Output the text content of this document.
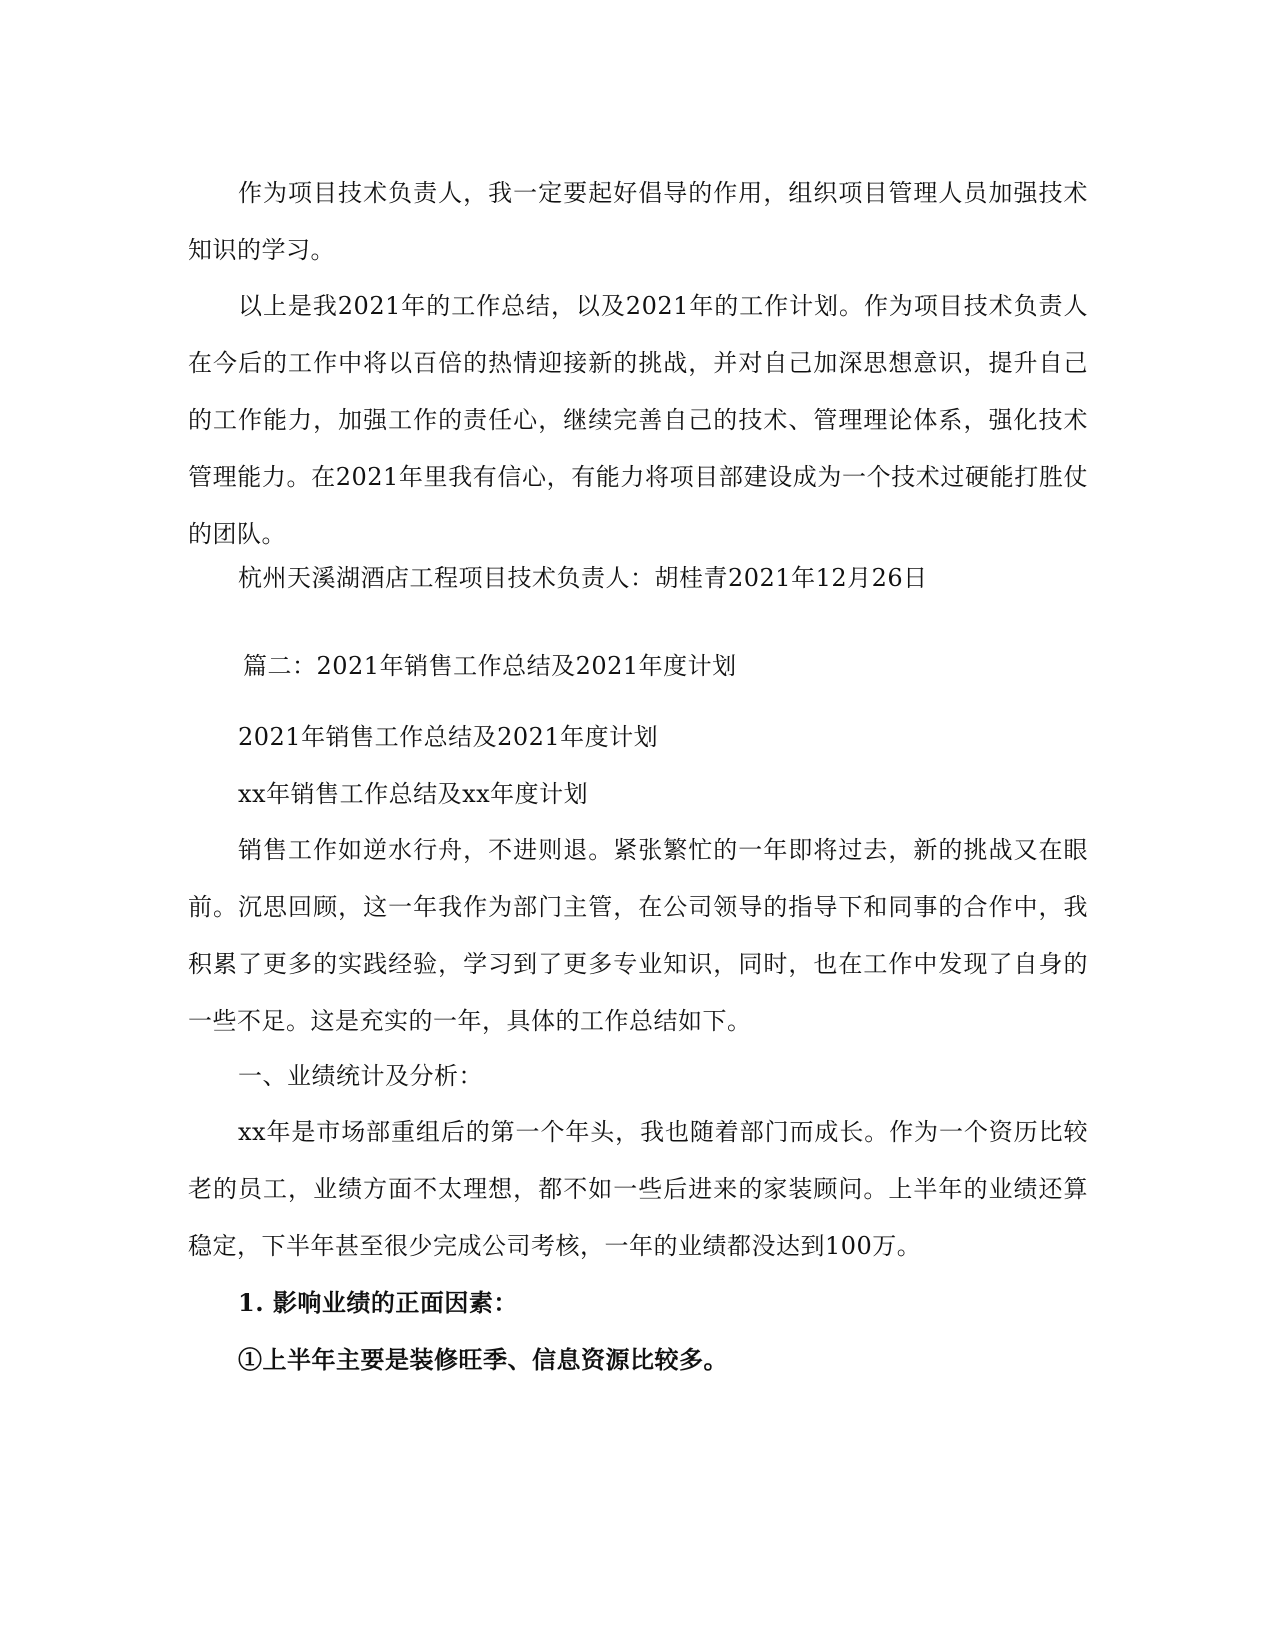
作为项目技术负责人，我一定要起好倡导的作用，组织项目管理人员加强技术知识的学习。

以上是我2021年的工作总结，以及2021年的工作计划。作为项目技术负责人在今后的工作中将以百倍的热情迎接新的挑战，并对自己加深思想意识，提升自己的工作能力，加强工作的责任心，继续完善自己的技术、管理理论体系，强化技术管理能力。在2021年里我有信心，有能力将项目部建设成为一个技术过硬能打胜仗的团队。

杭州天溪湖酒店工程项目技术负责人：胡桂青2021年12月26日

篇二：2021年销售工作总结及2021年度计划

2021年销售工作总结及2021年度计划

xx年销售工作总结及xx年度计划

销售工作如逆水行舟，不进则退。紧张繁忙的一年即将过去，新的挑战又在眼前。沉思回顾，这一年我作为部门主管，在公司领导的指导下和同事的合作中，我积累了更多的实践经验，学习到了更多专业知识，同时，也在工作中发现了自身的一些不足。这是充实的一年，具体的工作总结如下。

一、业绩统计及分析：

xx年是市场部重组后的第一个年头，我也随着部门而成长。作为一个资历比较老的员工，业绩方面不太理想，都不如一些后进来的家装顾问。上半年的业绩还算稳定，下半年甚至很少完成公司考核，一年的业绩都没达到100万。

1. 影响业绩的正面因素：

①上半年主要是装修旺季、信息资源比较多。
